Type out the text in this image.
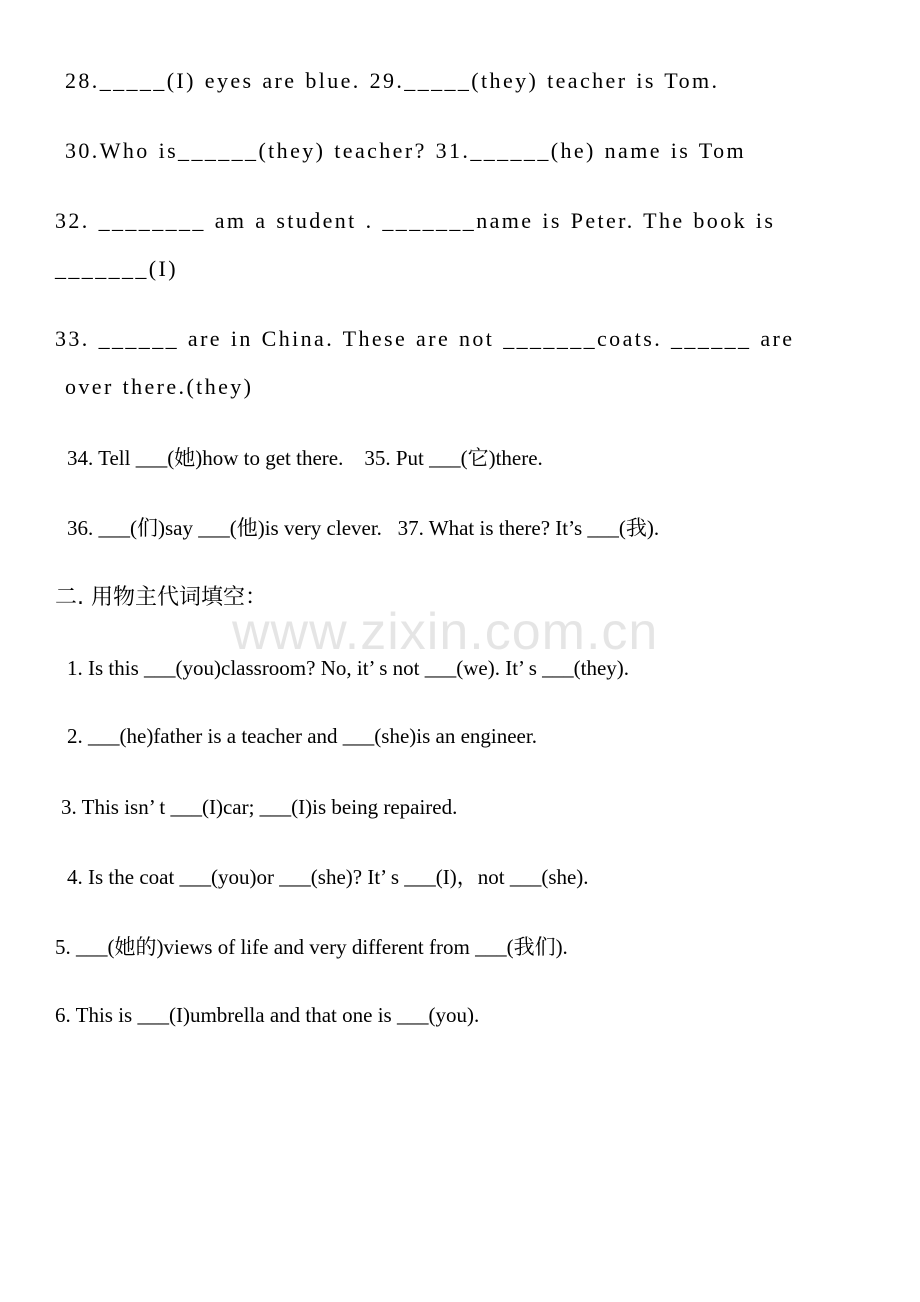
28._____(I) eyes are blue. 29._____(they) teacher is Tom.
30.Who is______(they) teacher? 31.______(he) name is Tom
32. ________ am a student . _______name is Peter. The book is
_______(I)
33. ______ are in China. These are not _______coats. ______ are
over there.(they)
34. Tell ___(她)how to get there.    35. Put ___(它)there.
36. ___(们)say ___(他)is very clever.   37. What is there? It’s ___(我).
二. 用物主代词填空：
www.zixin.com.cn
1. Is this ___(you)classroom? No, it’ s not ___(we). It’ s ___(they).
2. ___(he)father is a teacher and ___(she)is an engineer.
3. This isn’ t ___(I)car; ___(I)is being repaired.
4. Is the coat ___(you)or ___(she)? It’ s ___(I)，not ___(she).
5. ___(她的)views of life and very different from ___(我们).
6. This is ___(I)umbrella and that one is ___(you).
